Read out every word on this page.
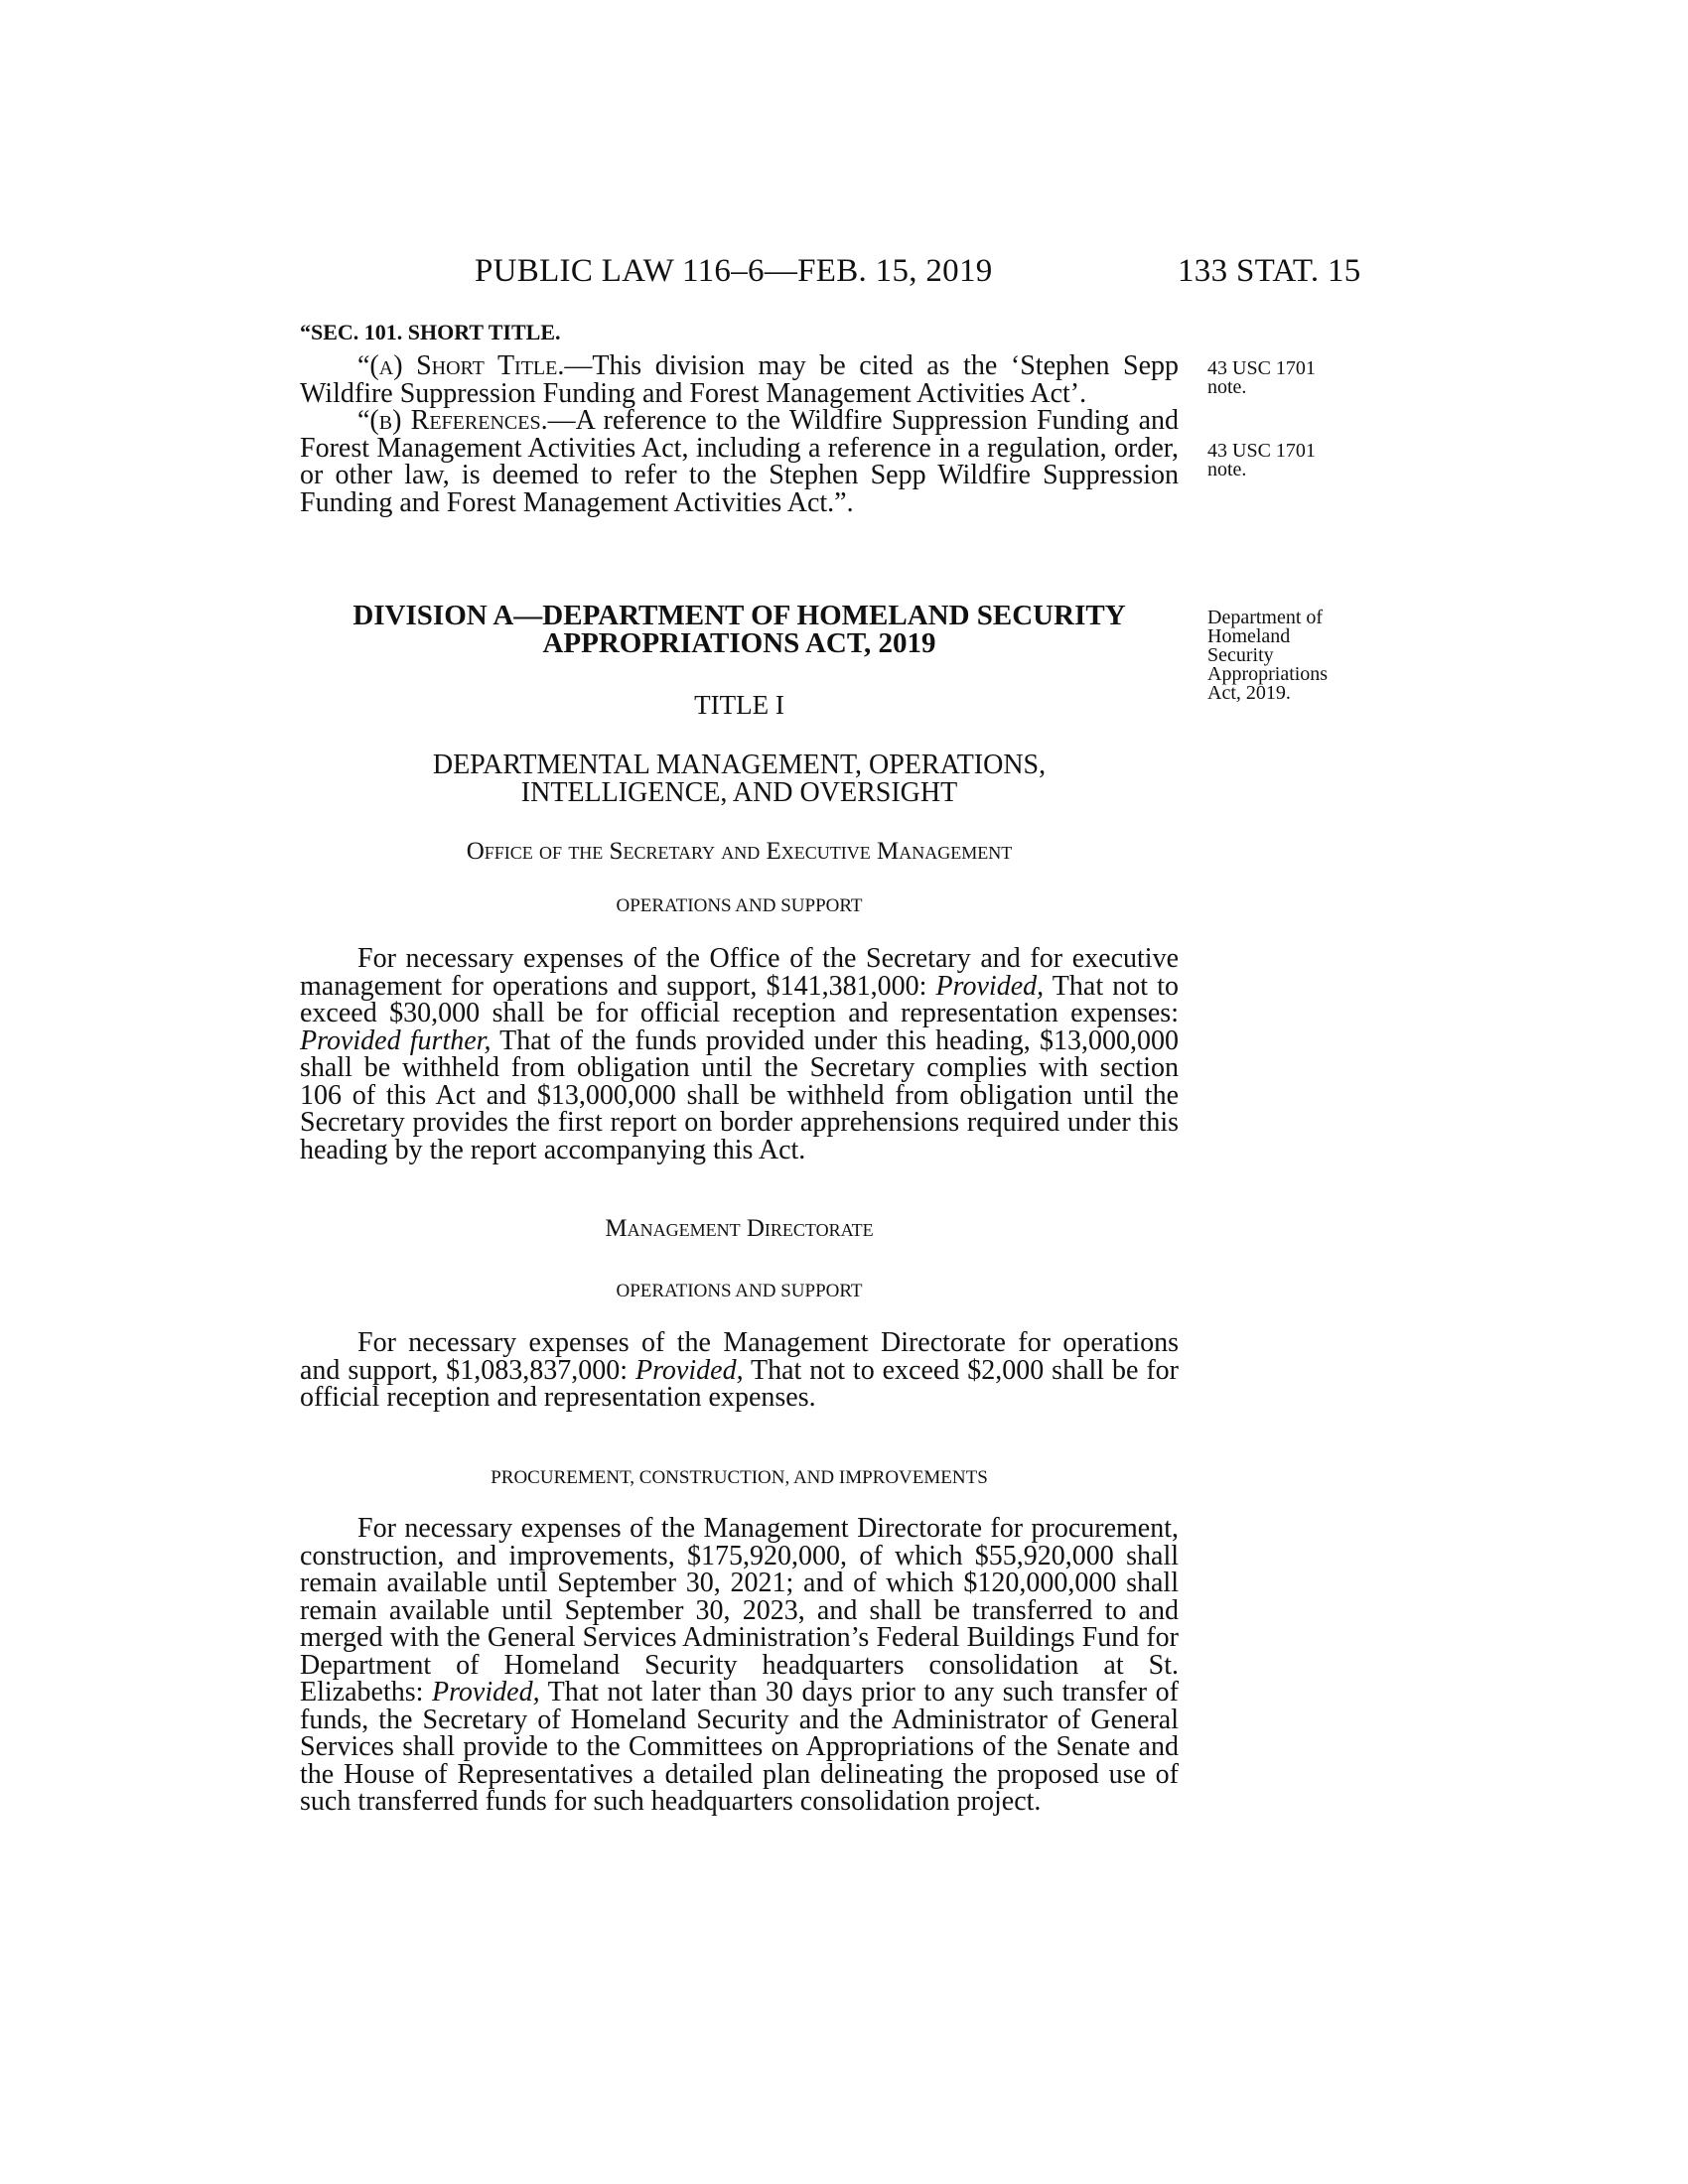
PUBLIC LAW 116–6—FEB. 15, 2019	133 STAT. 15
“SEC. 101. SHORT TITLE.

“(a) Short Title.—This division may be cited as the ‘Stephen Sepp Wildfire Suppression Funding and Forest Management Activities Act’.

“(b) References.—A reference to the Wildfire Suppression Funding and Forest Management Activities Act, including a reference in a regulation, order, or other law, is deemed to refer to the Stephen Sepp Wildfire Suppression Funding and Forest Management Activities Act.”.

43 USC 1701
note.
43 USC 1701
note.
Department of
Homeland
Security
Appropriations
Act, 2019.
DIVISION A—DEPARTMENT OF HOMELAND SECURITY
APPROPRIATIONS ACT, 2019
TITLE I
DEPARTMENTAL MANAGEMENT, OPERATIONS,
INTELLIGENCE, AND OVERSIGHT
Office of the Secretary and Executive Management
OPERATIONS AND SUPPORT

For necessary expenses of the Office of the Secretary and for executive management for operations and support, $141,381,000: Provided, That not to exceed $30,000 shall be for official reception and representation expenses: Provided further, That of the funds provided under this heading, $13,000,000 shall be withheld from obligation until the Secretary complies with section 106 of this Act and $13,000,000 shall be withheld from obligation until the Secretary provides the first report on border apprehensions required under this heading by the report accompanying this Act.

Management Directorate
OPERATIONS AND SUPPORT

For necessary expenses of the Management Directorate for operations and support, $1,083,837,000: Provided, That not to exceed $2,000 shall be for official reception and representation expenses.

PROCUREMENT, CONSTRUCTION, AND IMPROVEMENTS

For necessary expenses of the Management Directorate for procurement, construction, and improvements, $175,920,000, of which $55,920,000 shall remain available until September 30, 2021; and of which $120,000,000 shall remain available until September 30, 2023, and shall be transferred to and merged with the General Services Administration’s Federal Buildings Fund for Department of Homeland Security headquarters consolidation at St. Elizabeths: Provided, That not later than 30 days prior to any such transfer of funds, the Secretary of Homeland Security and the Administrator of General Services shall provide to the Committees on Appropriations of the Senate and the House of Representatives a detailed plan delineating the proposed use of such transferred funds for such headquarters consolidation project.
